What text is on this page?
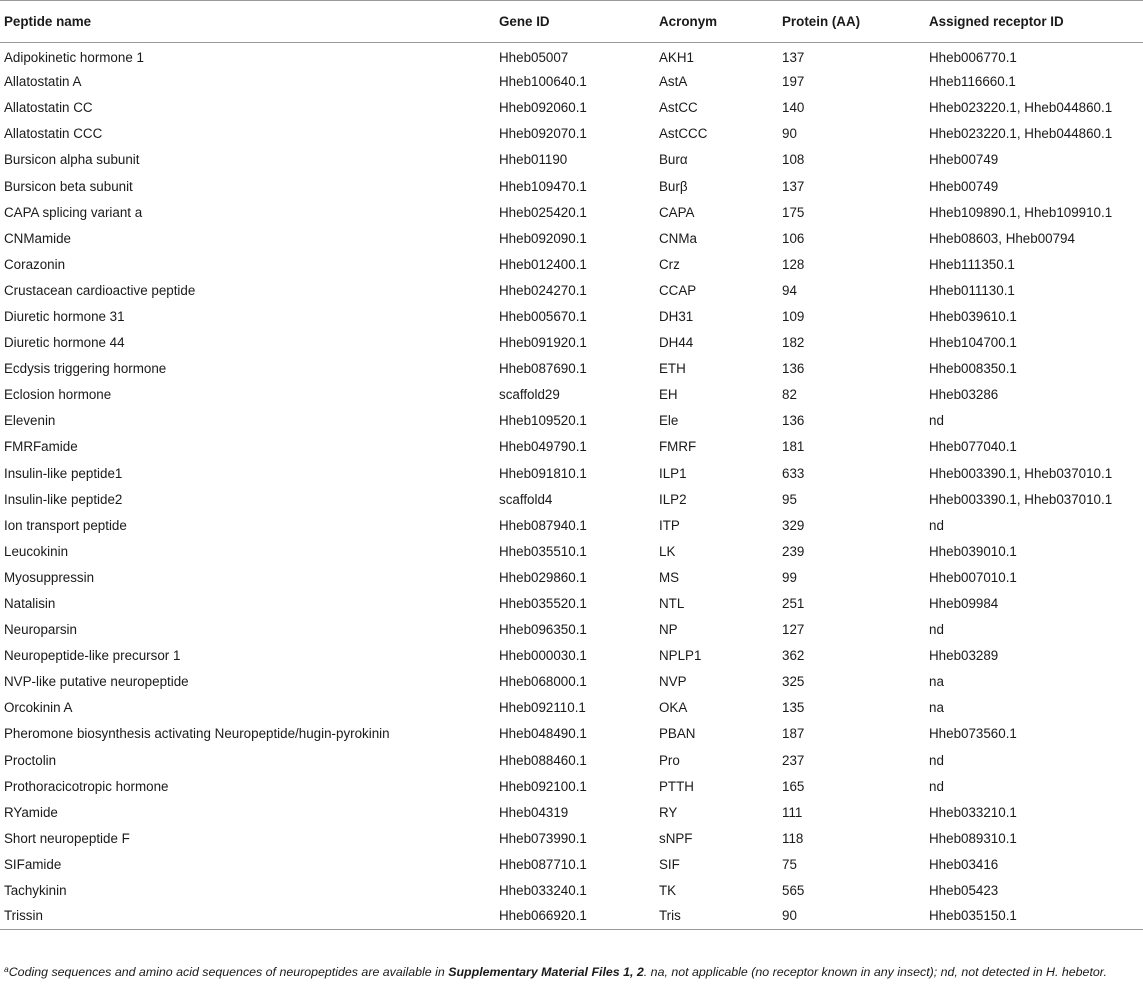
Peptide name	Gene ID	Acronym	Protein (AA)	Assigned receptor ID
Adipokinetic hormone 1	Hheb05007	AKH1	137	Hheb006770.1
Allatostatin A	Hheb100640.1	AstA	197	Hheb116660.1
Allatostatin CC	Hheb092060.1	AstCC	140	Hheb023220.1, Hheb044860.1
Allatostatin CCC	Hheb092070.1	AstCCC	90	Hheb023220.1, Hheb044860.1
Bursicon alpha subunit	Hheb01190	Burα	108	Hheb00749
Bursicon beta subunit	Hheb109470.1	Burβ	137	Hheb00749
CAPA splicing variant a	Hheb025420.1	CAPA	175	Hheb109890.1, Hheb109910.1
CNMamide	Hheb092090.1	CNMa	106	Hheb08603, Hheb00794
Corazonin	Hheb012400.1	Crz	128	Hheb111350.1
Crustacean cardioactive peptide	Hheb024270.1	CCAP	94	Hheb011130.1
Diuretic hormone 31	Hheb005670.1	DH31	109	Hheb039610.1
Diuretic hormone 44	Hheb091920.1	DH44	182	Hheb104700.1
Ecdysis triggering hormone	Hheb087690.1	ETH	136	Hheb008350.1
Eclosion hormone	scaffold29	EH	82	Hheb03286
Elevenin	Hheb109520.1	Ele	136	nd
FMRFamide	Hheb049790.1	FMRF	181	Hheb077040.1
Insulin-like peptide1	Hheb091810.1	ILP1	633	Hheb003390.1, Hheb037010.1
Insulin-like peptide2	scaffold4	ILP2	95	Hheb003390.1, Hheb037010.1
Ion transport peptide	Hheb087940.1	ITP	329	nd
Leucokinin	Hheb035510.1	LK	239	Hheb039010.1
Myosuppressin	Hheb029860.1	MS	99	Hheb007010.1
Natalisin	Hheb035520.1	NTL	251	Hheb09984
Neuroparsin	Hheb096350.1	NP	127	nd
Neuropeptide-like precursor 1	Hheb000030.1	NPLP1	362	Hheb03289
NVP-like putative neuropeptide	Hheb068000.1	NVP	325	na
Orcokinin A	Hheb092110.1	OKA	135	na
Pheromone biosynthesis activating Neuropeptide/hugin-pyrokinin	Hheb048490.1	PBAN	187	Hheb073560.1
Proctolin	Hheb088460.1	Pro	237	nd
Prothoracicotropic hormone	Hheb092100.1	PTTH	165	nd
RYamide	Hheb04319	RY	111	Hheb033210.1
Short neuropeptide F	Hheb073990.1	sNPF	118	Hheb089310.1
SIFamide	Hheb087710.1	SIF	75	Hheb03416
Tachykinin	Hheb033240.1	TK	565	Hheb05423
Trissin	Hheb066920.1	Tris	90	Hheb035150.1
$^a$Coding sequences and amino acid sequences of neuropeptides are available in Supplementary Material Files 1, 2. na, not applicable (no receptor known in any insect); nd, not detected in H. hebetor.
